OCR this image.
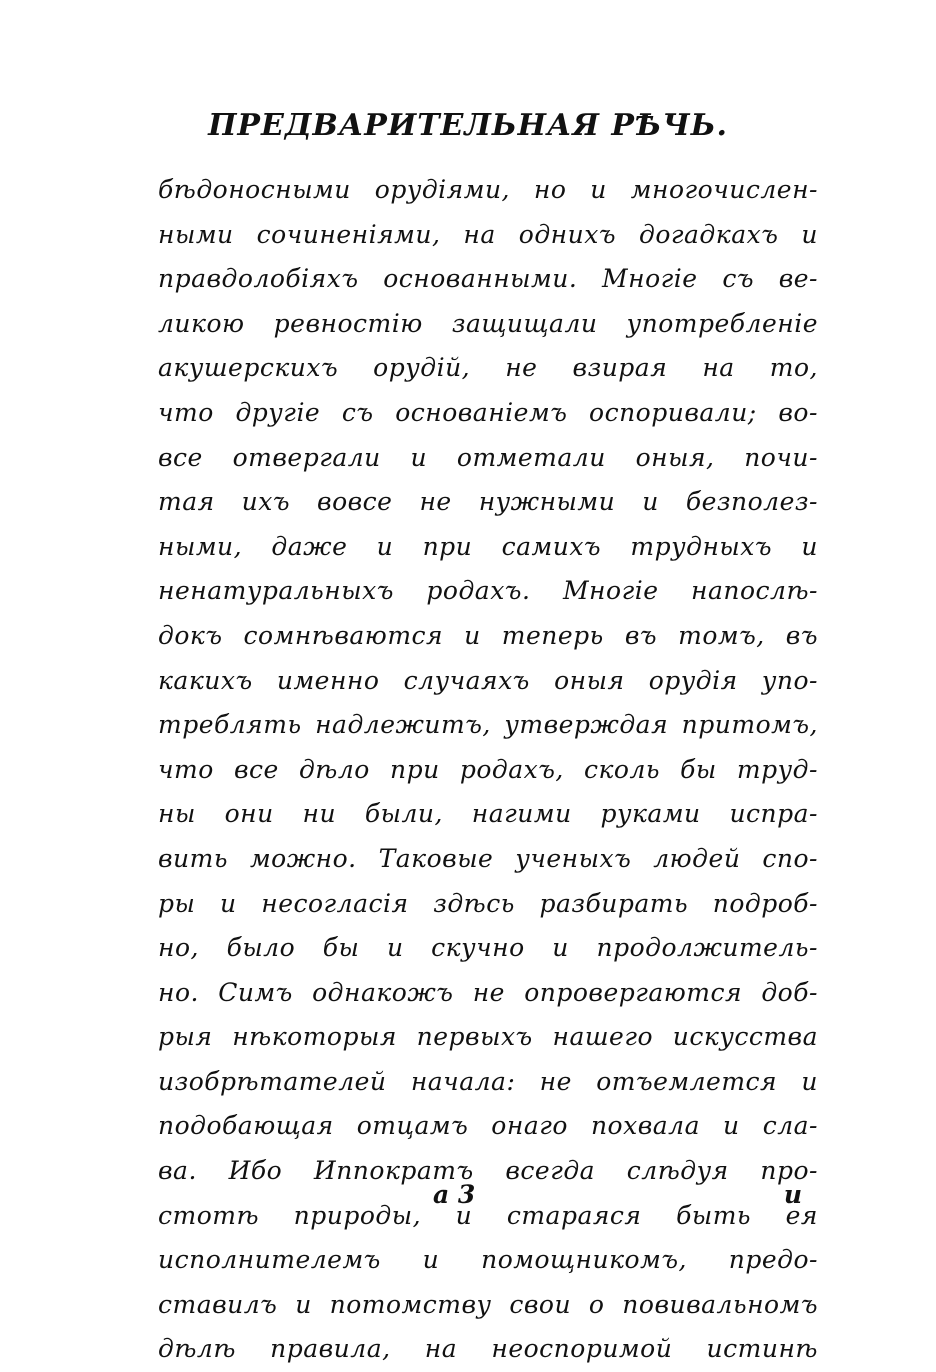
ПРЕДВАРИТЕЛЬНАЯ РѢЧЬ.
бѣдоносными орудіями, но и многочислен-
ными сочиненіями, на однихъ догадкахъ и
правдолобіяхъ основанными. Многіе съ ве-
ликою ревностію защищали употребленіе
акушерскихъ орудій, не взирая на то,
что другіе съ основаніемъ оспоривали; во-
все отвергали и отметали оныя, почи-
тая ихъ вовсе не нужными и безполез-
ными, даже и при самихъ трудныхъ и
ненатуральныхъ родахъ. Многіе напослѣ-
докъ сомнѣваются и теперь въ томъ, въ
какихъ именно случаяхъ оныя орудія упо-
треблять надлежитъ, утверждая притомъ,
что все дѣло при родахъ, сколь бы труд-
ны они ни были, нагими руками испра-
вить можно. Таковые ученыхъ людей спо-
ры и несогласія здѣсь разбирать подроб-
но, было бы и скучно и продолжитель-
но. Симъ однакожъ не опровергаются доб-
рыя нѣкоторыя первыхъ нашего искусства
изобрѣтателей начала: не отъемлется и
подобающая отцамъ онаго похвала и сла-
ва. Ибо Иппократъ всегда слѣдуя про-
стотѣ природы, и стараяся быть ея
исполнителемъ и помощникомъ, предо-
ставилъ и потомству свои о повивальномъ
дѣлѣ правила, на неоспоримой истинѣ
а 3	и
